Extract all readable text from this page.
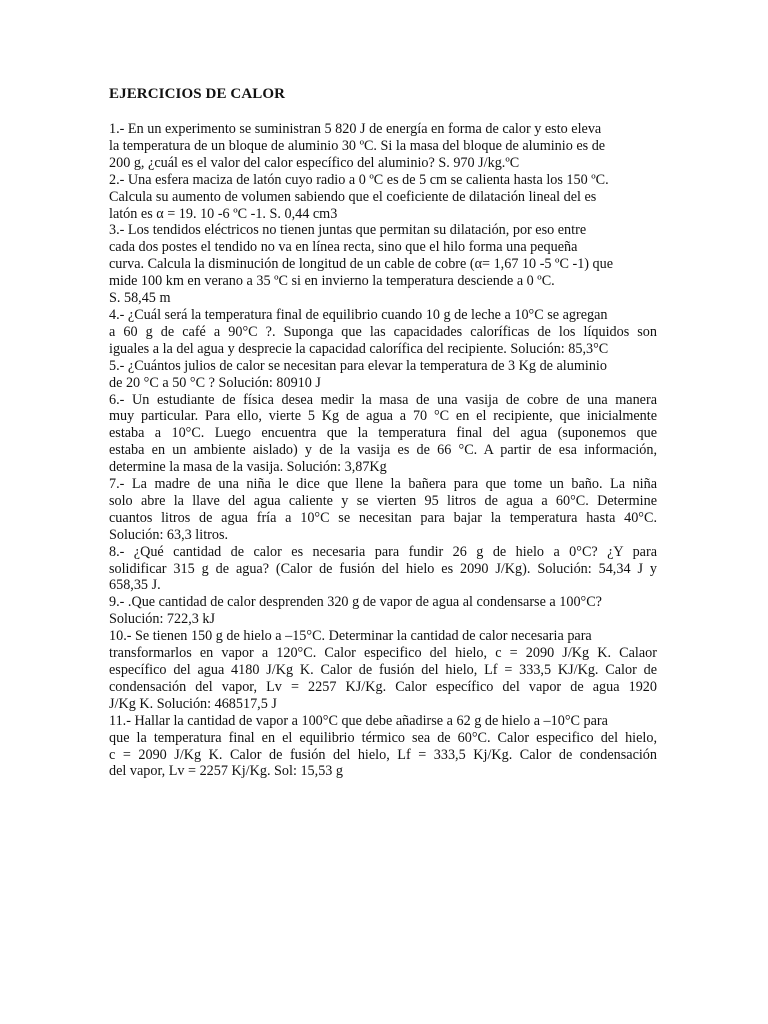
EJERCICIOS DE CALOR
1.- En un experimento se suministran 5 820 J de energía en forma de calor y esto eleva
la temperatura de un bloque de aluminio 30 ºC. Si la masa del bloque de aluminio es de
200 g, ¿cuál es el valor del calor específico del aluminio? S. 970 J/kg.ºC
2.- Una esfera maciza de latón cuyo radio a 0 ºC es de 5 cm se calienta hasta los 150 ºC.
Calcula su aumento de volumen sabiendo que el coeficiente de dilatación lineal del es
latón es α = 19. 10 -6 ºC -1. S. 0,44 cm3
3.- Los tendidos eléctricos no tienen juntas que permitan su dilatación, por eso entre
cada dos postes el tendido no va en línea recta, sino que el hilo forma una pequeña
curva. Calcula la disminución de longitud de un cable de cobre (α= 1,67 10 -5 ºC -1) que
mide 100 km en verano a 35 ºC si en invierno la temperatura desciende a 0 ºC.
S. 58,45 m
4.- ¿Cuál será la temperatura final de equilibrio cuando 10 g de leche a 10°C se agregan
a 60 g de café a 90°C ?. Suponga que las capacidades caloríficas de los líquidos son
iguales a la del agua y desprecie la capacidad calorífica del recipiente. Solución: 85,3°C
5.- ¿Cuántos julios de calor se necesitan para elevar la temperatura de 3 Kg de aluminio
de 20 °C a 50 °C ? Solución: 80910 J
6.- Un estudiante de física desea medir la masa de una vasija de cobre de una manera
muy particular. Para ello, vierte 5 Kg de agua a 70 °C en el recipiente, que inicialmente
estaba a 10°C. Luego encuentra que la temperatura final del agua (suponemos que
estaba en un ambiente aislado) y de la vasija es de 66 °C. A partir de esa información,
determine la masa de la vasija. Solución: 3,87Kg
7.- La madre de una niña le dice que llene la bañera para que tome un baño. La niña
solo abre la llave del agua caliente y se vierten 95 litros de agua a 60°C. Determine
cuantos litros de agua fría a 10°C se necesitan para bajar la temperatura hasta 40°C.
Solución: 63,3 litros.
8.- ¿Qué cantidad de calor es necesaria para fundir 26 g de hielo a 0°C? ¿Y para
solidificar 315 g de agua? (Calor de fusión del hielo es 2090 J/Kg). Solución: 54,34 J y
658,35 J.
9.- .Que cantidad de calor desprenden 320 g de vapor de agua al condensarse a 100°C?
Solución: 722,3 kJ
10.- Se tienen 150 g de hielo a –15°C. Determinar la cantidad de calor necesaria para
transformarlos en vapor a 120°C. Calor especifico del hielo, c = 2090 J/Kg K. Calaor
específico del agua 4180 J/Kg K. Calor de fusión del hielo, Lf = 333,5 KJ/Kg. Calor de
condensación del vapor, Lv = 2257 KJ/Kg. Calor específico del vapor de agua 1920
J/Kg K. Solución: 468517,5 J
11.- Hallar la cantidad de vapor a 100°C que debe añadirse a 62 g de hielo a –10°C para
que la temperatura final en el equilibrio térmico sea de 60°C. Calor especifico del hielo,
c = 2090 J/Kg K. Calor de fusión del hielo, Lf = 333,5 Kj/Kg. Calor de condensación
del vapor, Lv = 2257 Kj/Kg. Sol: 15,53 g
